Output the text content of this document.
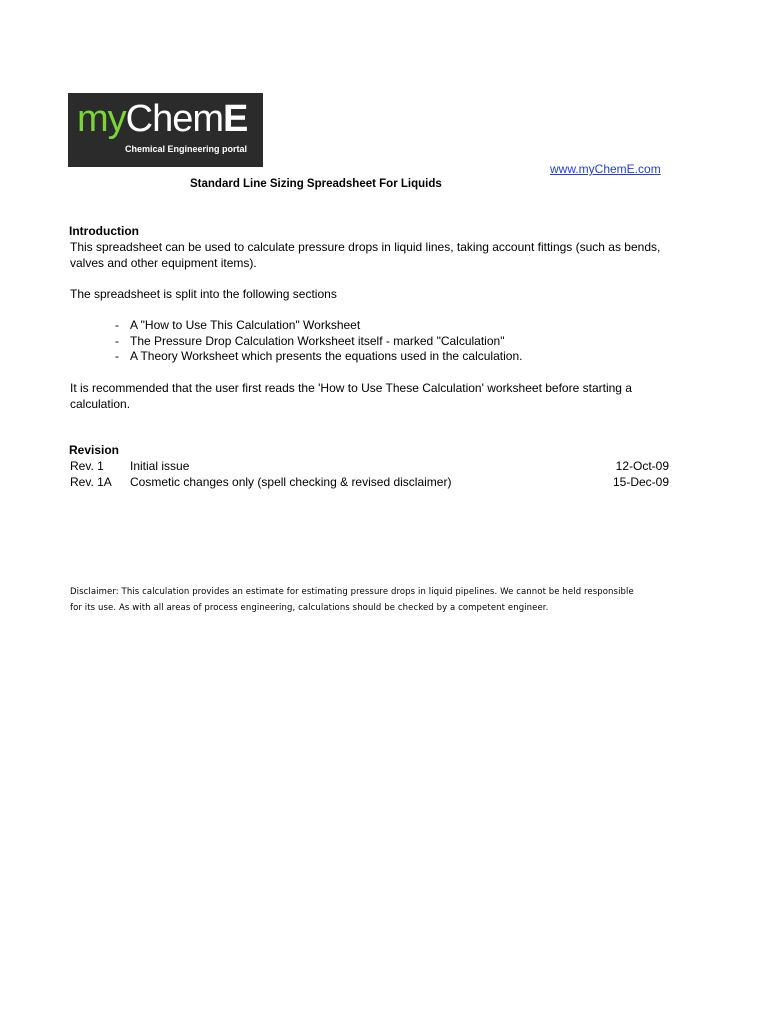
myChemE
Chemical Engineering portal
www.myChemE.com
Standard Line Sizing Spreadsheet For Liquids
Introduction
This spreadsheet can be used to calculate pressure drops in liquid lines, taking account fittings (such as bends, valves and other equipment items).
The spreadsheet is split into the following sections
- A "How to Use This Calculation" Worksheet
- The Pressure Drop Calculation Worksheet itself - marked "Calculation"
- A Theory Worksheet which presents the equations used in the calculation.
It is recommended that the user first reads the 'How to Use These Calculation' worksheet before starting a calculation.
Revision
Rev. 1 Initial issue	12-Oct-09
Rev. 1A Cosmetic changes only (spell checking & revised disclaimer)	15-Dec-09
Disclaimer: This calculation provides an estimate for estimating pressure drops in liquid pipelines. We cannot be held responsible
for its use. As with all areas of process engineering, calculations should be checked by a competent engineer.
